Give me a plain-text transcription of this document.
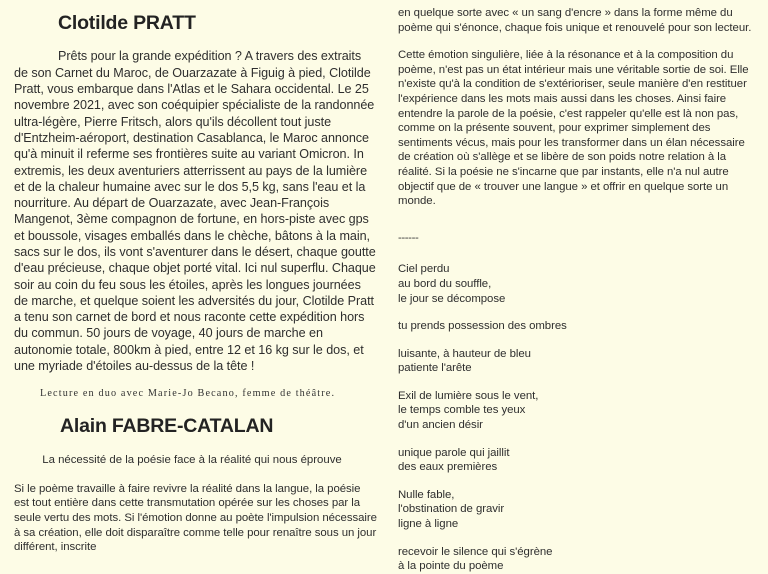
Clotilde PRATT

Prêts pour la grande expédition ? A travers des extraits de son Carnet du Maroc, de Ouarzazate à Figuig à pied, Clotilde Pratt, vous embarque dans l'Atlas et le Sahara occidental. Le 25 novembre 2021, avec son coéquipier spécialiste de la randonnée ultra-légère, Pierre Fritsch, alors qu'ils décollent tout juste d'Entzheim-aéroport, destination Casablanca, le Maroc annonce qu'à minuit il referme ses frontières suite au variant Omicron. In extremis, les deux aventuriers atterrissent au pays de la lumière et de la chaleur humaine avec sur le dos 5,5 kg, sans l'eau et la nourriture. Au départ de Ouarzazate, avec Jean-François Mangenot, 3ème compagnon de fortune, en hors-piste avec gps et boussole, visages emballés dans le chèche, bâtons à la main, sacs sur le dos, ils vont s'aventurer dans le désert, chaque goutte d'eau précieuse, chaque objet porté vital. Ici nul superflu. Chaque soir au coin du feu sous les étoiles, après les longues journées de marche, et quelque soient les adversités du jour, Clotilde Pratt a tenu son carnet de bord et nous raconte cette expédition hors du commun. 50 jours de voyage, 40 jours de marche en autonomie totale, 800km à pied, entre 12 et 16 kg sur le dos, et une myriade d'étoiles au-dessus de la tête !

Lecture en duo avec Marie-Jo Becano, femme de théâtre.

Alain FABRE-CATALAN

La nécessité de la poésie face à la réalité qui nous éprouve

Si le poème travaille à faire revivre la réalité dans la langue, la poésie est tout entière dans cette transmutation opérée sur les choses par la seule vertu des mots. Si l'émotion donne au poète l'impulsion nécessaire à sa création, elle doit disparaître comme telle pour renaître sous un jour différent, inscrite

en quelque sorte avec « un sang d'encre » dans la forme même du poème qui s'énonce, chaque fois unique et renouvelé pour son lecteur.

Cette émotion singulière, liée à la résonance et à la composition du poème, n'est pas un état intérieur mais une véritable sortie de soi. Elle n'existe qu'à la condition de s'extérioriser, seule manière d'en restituer l'expérience dans les mots mais aussi dans les choses. Ainsi faire entendre la parole de la poésie, c'est rappeler qu'elle est là non pas, comme on la présente souvent, pour exprimer simplement des sentiments vécus, mais pour les transformer dans un élan nécessaire de création où s'allège et se libère de son poids notre relation à la réalité. Si la poésie ne s'incarne que par instants, elle n'a nul autre objectif que de « trouver une langue » et offrir en quelque sorte un monde.

------
Ciel perdu
au bord du souffle,
le jour se décompose
tu prends possession des ombres
luisante, à hauteur de bleu
patiente l'arête
Exil de lumière sous le vent,
le temps comble tes yeux
d'un ancien désir
unique parole qui jaillit
des eaux premières
Nulle fable,
l'obstination de gravir
ligne à ligne
recevoir le silence qui s'égrène
à la pointe du poème
